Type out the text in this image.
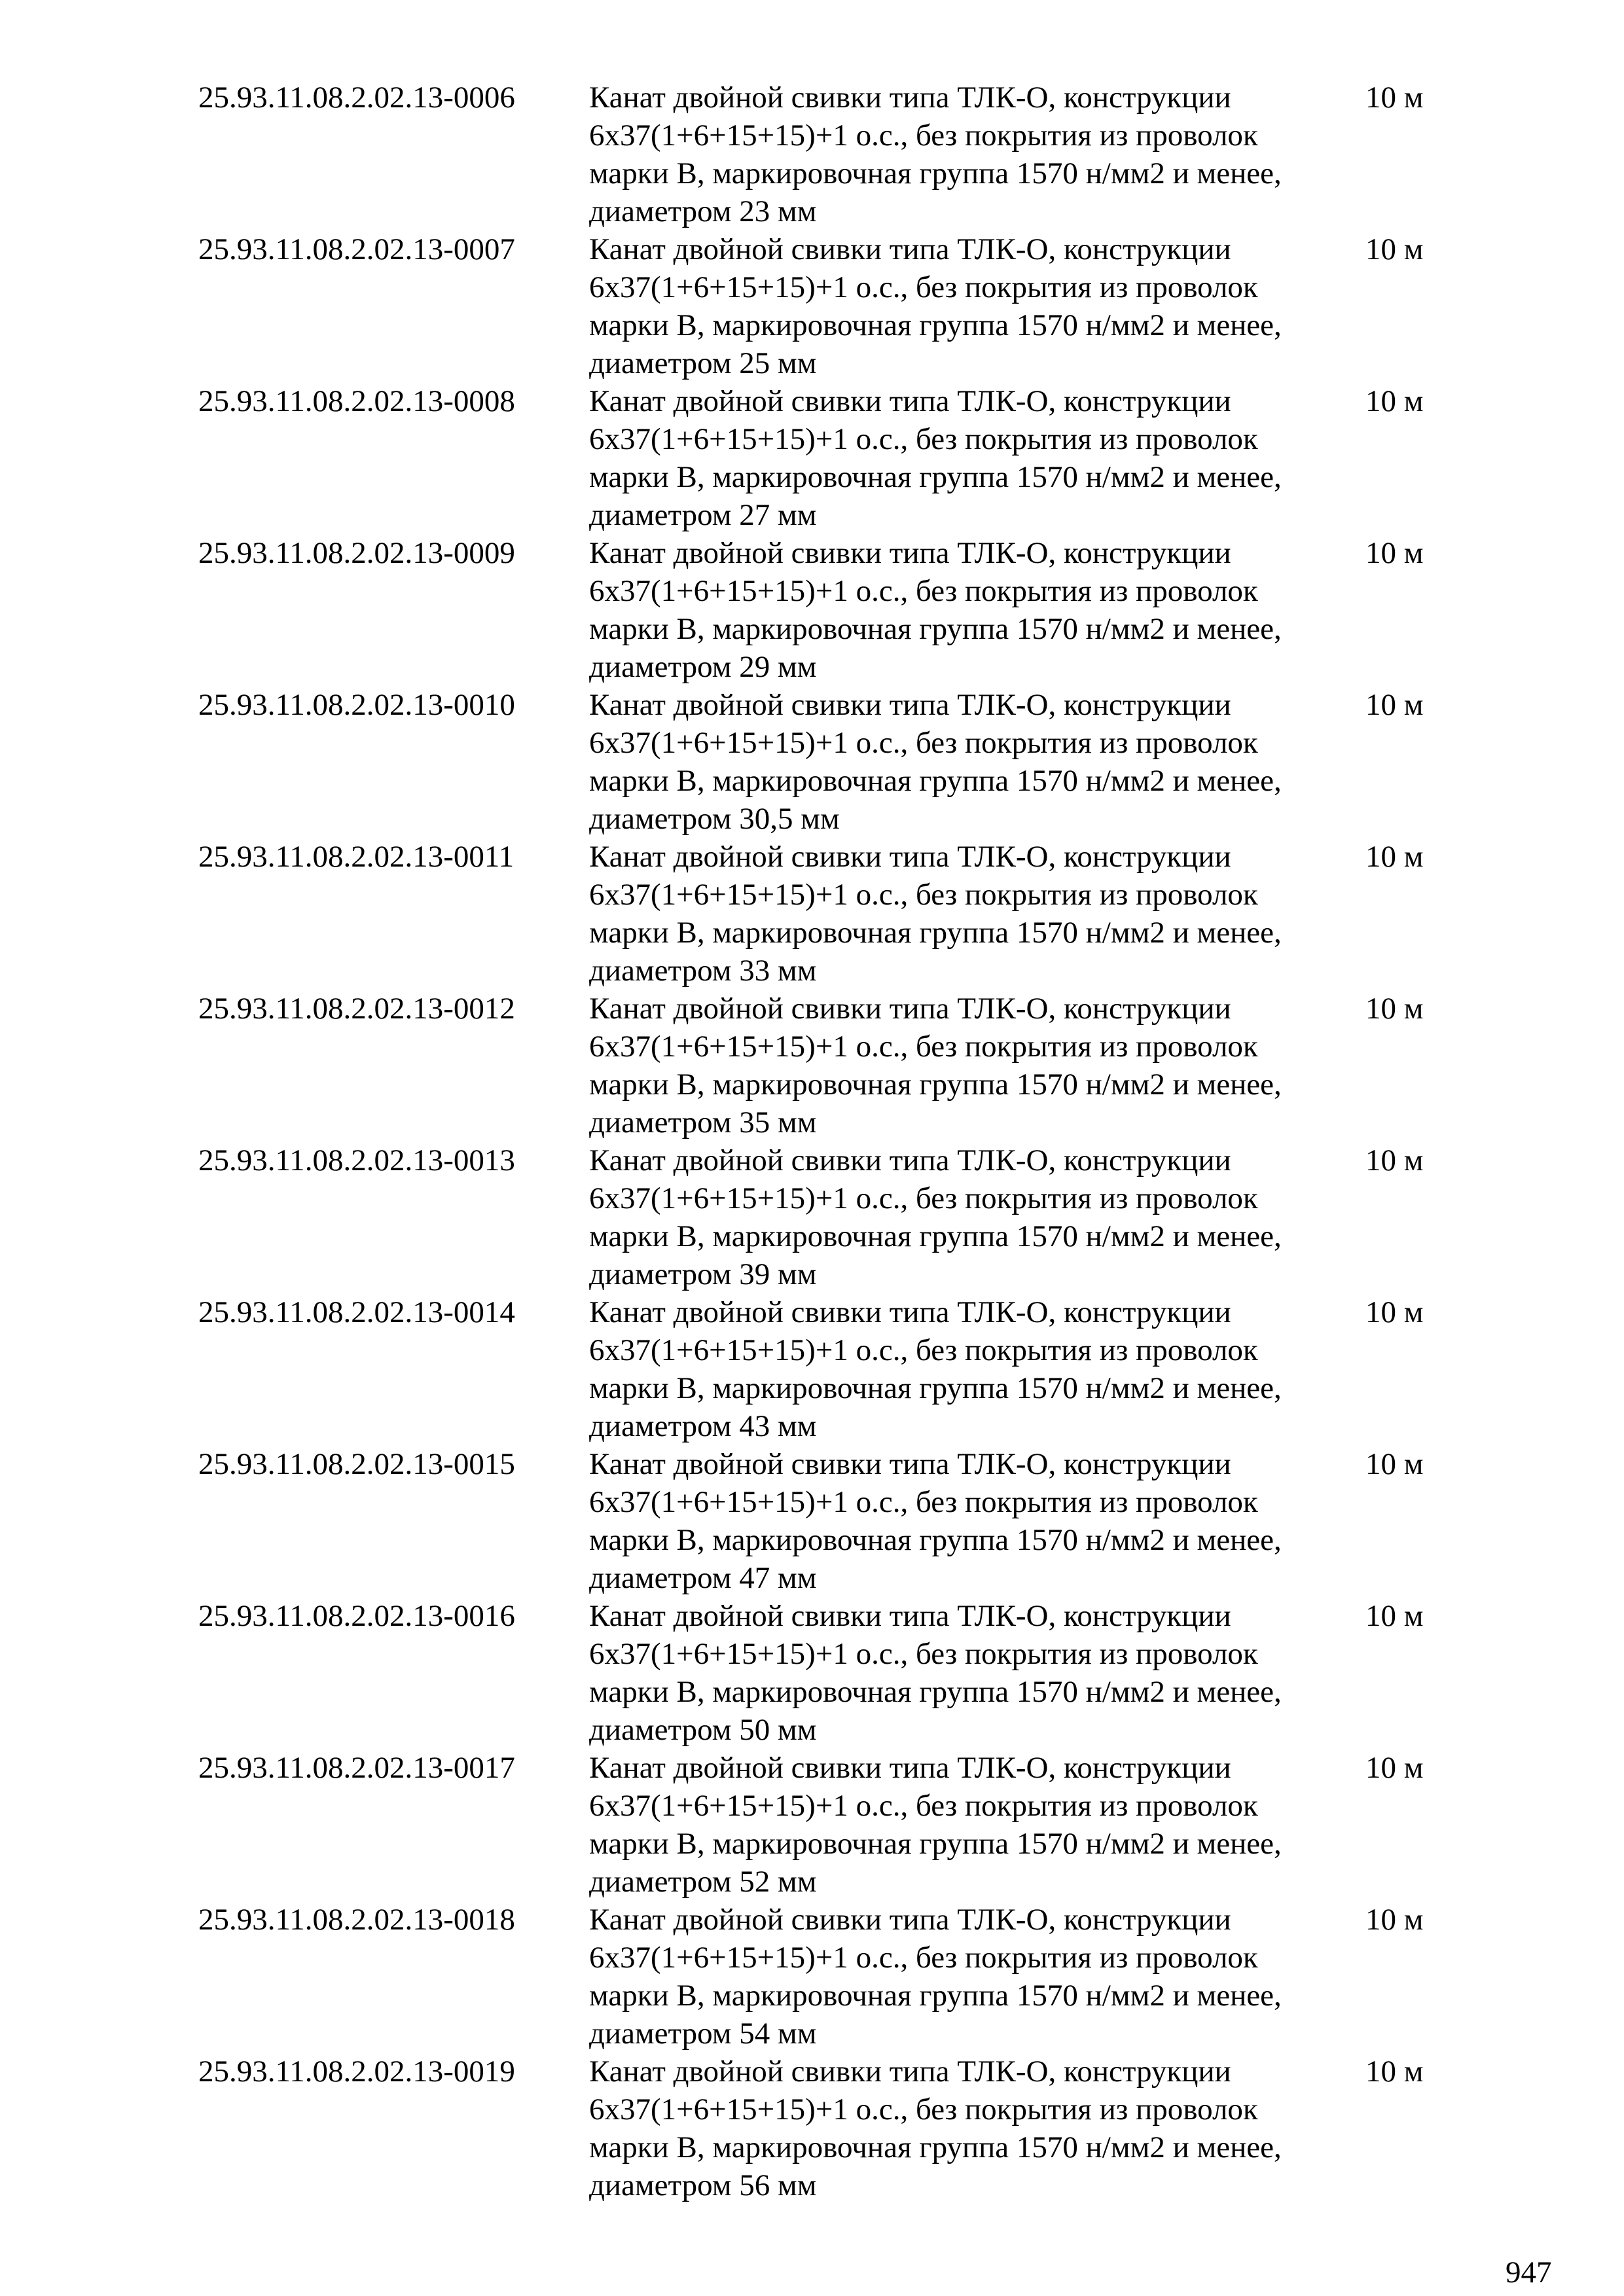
25.93.11.08.2.02.13-0006	Канат двойной свивки типа ТЛК-О, конструкции
6х37(1+6+15+15)+1 о.с., без покрытия из проволок
марки В, маркировочная группа 1570 н/мм2 и менее,
диаметром 23 мм
10 м
25.93.11.08.2.02.13-0007	Канат двойной свивки типа ТЛК-О, конструкции
6х37(1+6+15+15)+1 о.с., без покрытия из проволок
марки В, маркировочная группа 1570 н/мм2 и менее,
диаметром 25 мм
10 м
25.93.11.08.2.02.13-0008	Канат двойной свивки типа ТЛК-О, конструкции
6х37(1+6+15+15)+1 о.с., без покрытия из проволок
марки В, маркировочная группа 1570 н/мм2 и менее,
диаметром 27 мм
10 м
25.93.11.08.2.02.13-0009	Канат двойной свивки типа ТЛК-О, конструкции
6х37(1+6+15+15)+1 о.с., без покрытия из проволок
марки В, маркировочная группа 1570 н/мм2 и менее,
диаметром 29 мм
10 м
25.93.11.08.2.02.13-0010	Канат двойной свивки типа ТЛК-О, конструкции
6х37(1+6+15+15)+1 о.с., без покрытия из проволок
марки В, маркировочная группа 1570 н/мм2 и менее,
диаметром 30,5 мм
10 м
25.93.11.08.2.02.13-0011	Канат двойной свивки типа ТЛК-О, конструкции
6х37(1+6+15+15)+1 о.с., без покрытия из проволок
марки В, маркировочная группа 1570 н/мм2 и менее,
диаметром 33 мм
10 м
25.93.11.08.2.02.13-0012	Канат двойной свивки типа ТЛК-О, конструкции
6х37(1+6+15+15)+1 о.с., без покрытия из проволок
марки В, маркировочная группа 1570 н/мм2 и менее,
диаметром 35 мм
10 м
25.93.11.08.2.02.13-0013	Канат двойной свивки типа ТЛК-О, конструкции
6х37(1+6+15+15)+1 о.с., без покрытия из проволок
марки В, маркировочная группа 1570 н/мм2 и менее,
диаметром 39 мм
10 м
25.93.11.08.2.02.13-0014	Канат двойной свивки типа ТЛК-О, конструкции
6х37(1+6+15+15)+1 о.с., без покрытия из проволок
марки В, маркировочная группа 1570 н/мм2 и менее,
диаметром 43 мм
10 м
25.93.11.08.2.02.13-0015	Канат двойной свивки типа ТЛК-О, конструкции
6х37(1+6+15+15)+1 о.с., без покрытия из проволок
марки В, маркировочная группа 1570 н/мм2 и менее,
диаметром 47 мм
10 м
25.93.11.08.2.02.13-0016	Канат двойной свивки типа ТЛК-О, конструкции
6х37(1+6+15+15)+1 о.с., без покрытия из проволок
марки В, маркировочная группа 1570 н/мм2 и менее,
диаметром 50 мм
10 м
25.93.11.08.2.02.13-0017	Канат двойной свивки типа ТЛК-О, конструкции
6х37(1+6+15+15)+1 о.с., без покрытия из проволок
марки В, маркировочная группа 1570 н/мм2 и менее,
диаметром 52 мм
10 м
25.93.11.08.2.02.13-0018	Канат двойной свивки типа ТЛК-О, конструкции
6х37(1+6+15+15)+1 о.с., без покрытия из проволок
марки В, маркировочная группа 1570 н/мм2 и менее,
диаметром 54 мм
10 м
25.93.11.08.2.02.13-0019	Канат двойной свивки типа ТЛК-О, конструкции
6х37(1+6+15+15)+1 о.с., без покрытия из проволок
марки В, маркировочная группа 1570 н/мм2 и менее,
диаметром 56 мм
10 м
947
